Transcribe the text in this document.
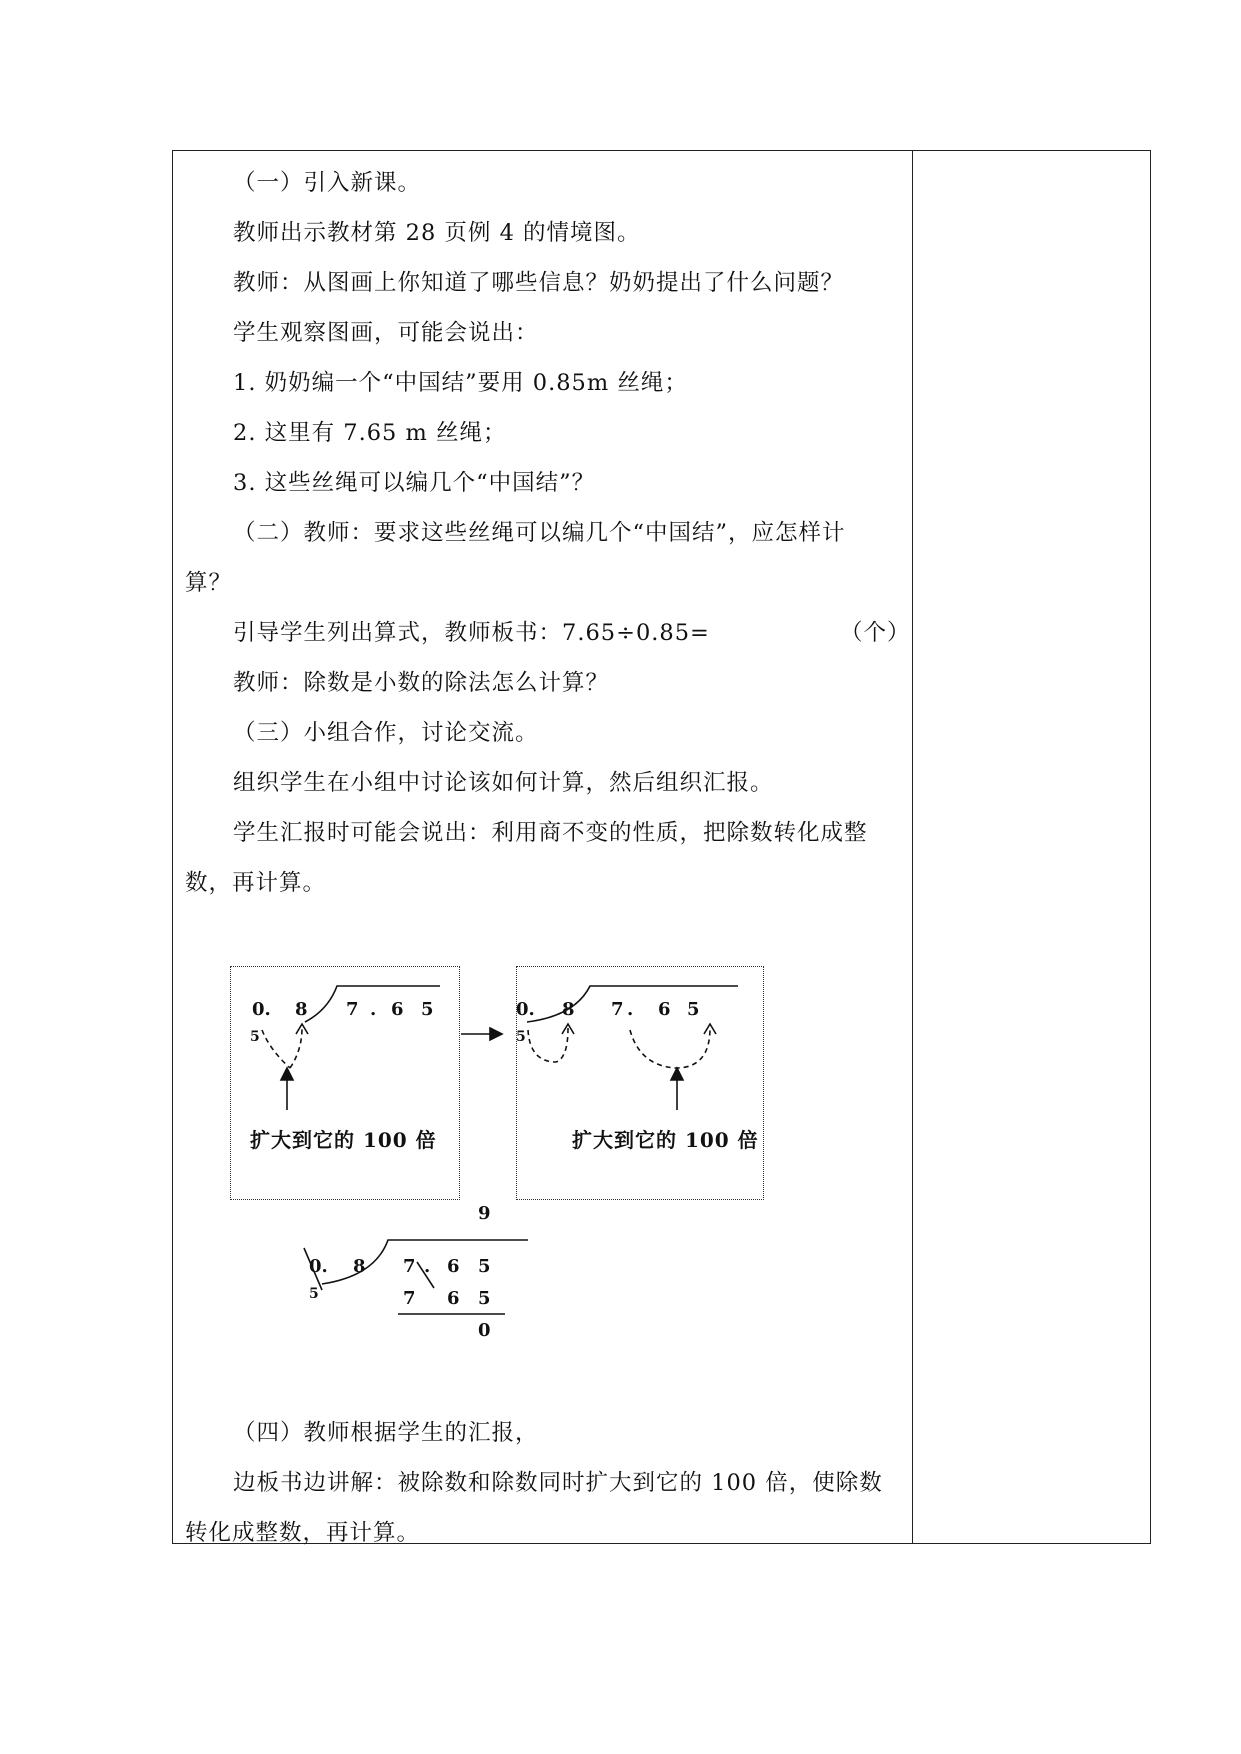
（一）引入新课。
教师出示教材第 28 页例 4 的情境图。
教师：从图画上你知道了哪些信息？奶奶提出了什么问题？
学生观察图画，可能会说出：
1. 奶奶编一个“中国结”要用 0.85m 丝绳；
2. 这里有 7.65 m 丝绳；
3. 这些丝绳可以编几个“中国结”？
（二）教师：要求这些丝绳可以编几个“中国结”，应怎样计
算？
引导学生列出算式，教师板书：7.65÷0.85=	（个）
教师：除数是小数的除法怎么计算？
（三）小组合作，讨论交流。
组织学生在小组中讨论该如何计算，然后组织汇报。
学生汇报时可能会说出：利用商不变的性质，把除数转化成整
数，再计算。
（四）教师根据学生的汇报，
边板书边讲解：被除数和除数同时扩大到它的 100 倍，使除数
转化成整数，再计算。
0. 8
5
7 . 6 5
扩大到它的 100 倍
0. 8
5
7 . 6 5
扩大到它的 100 倍
9
0. 8
5
7 . 6 5
7 6 5
0
